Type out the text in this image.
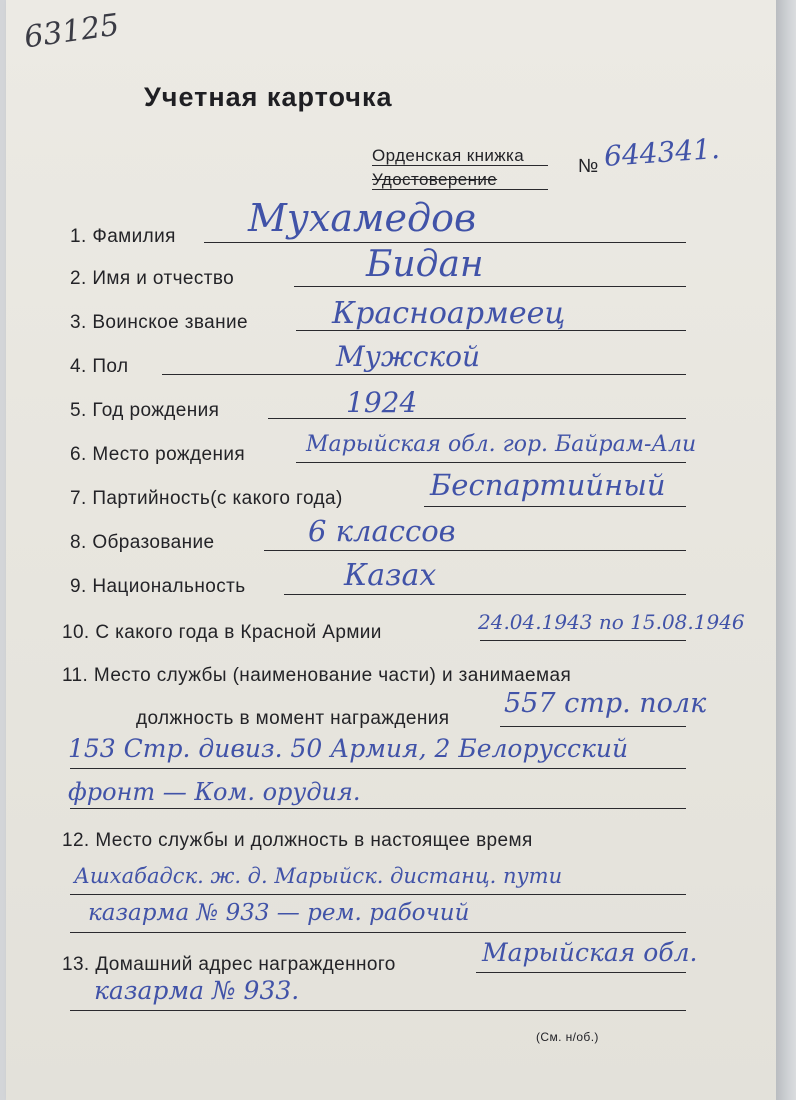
63125
Учетная карточка
Орденская книжка
Удостоверение
№ 644341.
1. Фамилия Мухамедов
2. Имя и отчество	Бидан
3. Воинское звание	Красноармеец
4. Пол	Мужской
5. Год рождения	1924
6. Место рождения	Марыйская обл. гор. Байрам-Али
7. Партийность(с какого года)	Беспартийный
8. Образование	6 классов
9. Национальность	Казах
10. С какого года в Красной Армии	24.04.1943 по 15.08.1946
11. Место службы (наименование части) и занимаемая
должность в момент награждения 557 стр. полк
153 Стр. дивиз. 50 Армия, 2 Белорусский
фронт — Ком. орудия.
12. Место службы и должность в настоящее время
Ашхабадск. ж. д. Марыйск. дистанц. пути
казарма № 933 — рем. рабочий
13. Домашний адрес награжденного	Марыйская обл.
казарма № 933.
(См. н/об.)
